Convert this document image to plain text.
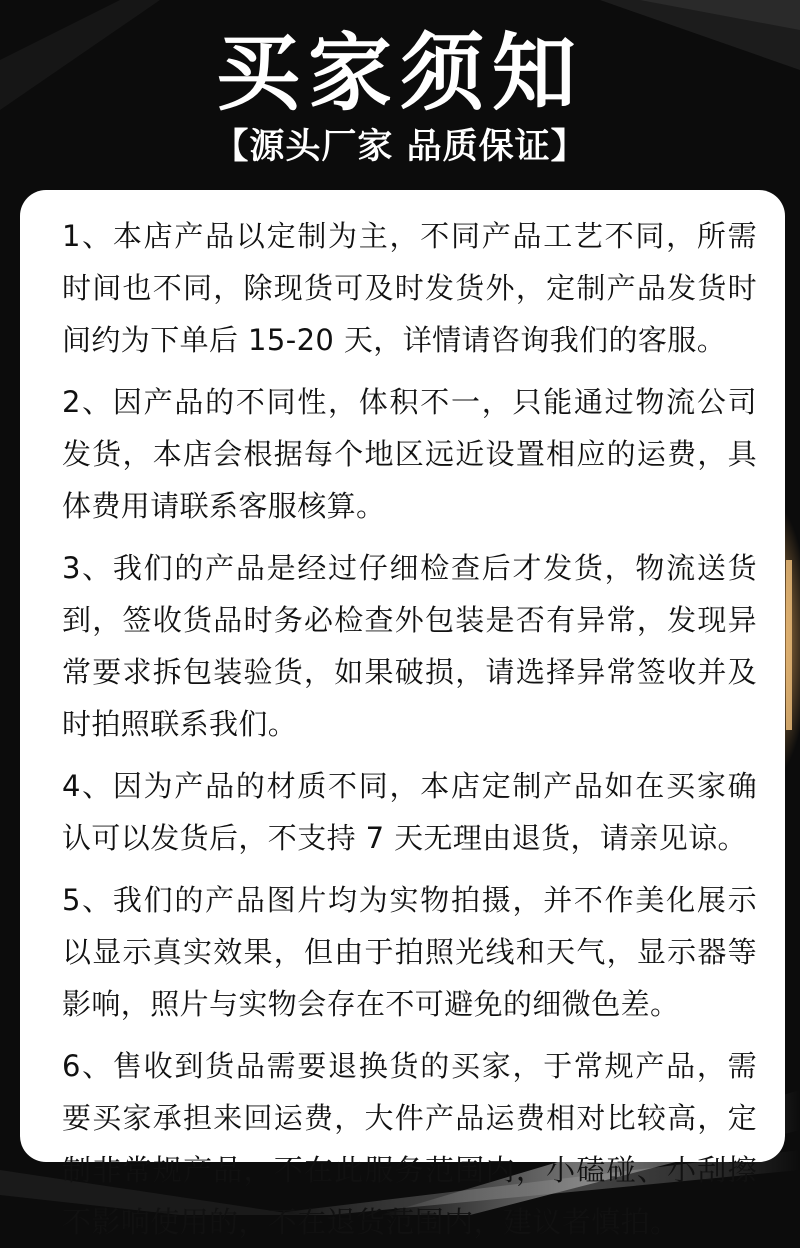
买家须知
【源头厂家 品质保证】

1、本店产品以定制为主，不同产品工艺不同，所需时间也不同，除现货可及时发货外，定制产品发货时间约为下单后 15-20 天，详情请咨询我们的客服。

2、因产品的不同性，体积不一，只能通过物流公司发货，本店会根据每个地区远近设置相应的运费，具体费用请联系客服核算。

3、我们的产品是经过仔细检查后才发货，物流送货到，签收货品时务必检查外包装是否有异常，发现异常要求拆包装验货，如果破损，请选择异常签收并及时拍照联系我们。

4、因为产品的材质不同，本店定制产品如在买家确认可以发货后，不支持 7 天无理由退货，请亲见谅。

5、我们的产品图片均为实物拍摄，并不作美化展示以显示真实效果，但由于拍照光线和天气，显示器等影响，照片与实物会存在不可避免的细微色差。

6、售收到货品需要退换货的买家，于常规产品，需要买家承担来回运费，大件产品运费相对比较高，定制非常规产品，不在此服务范围内，小磕碰、小刮擦不影响使用的，不在退货范围内，建议者慎拍。
